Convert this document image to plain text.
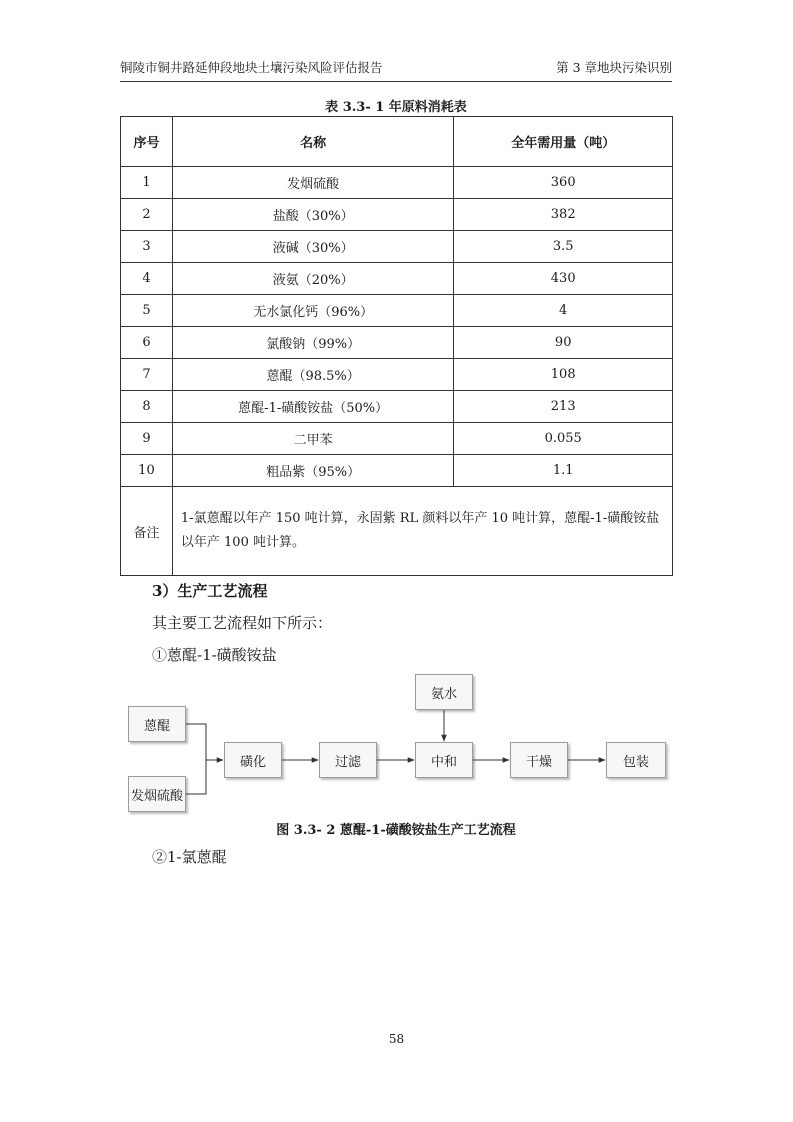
铜陵市铜井路延伸段地块土壤污染风险评估报告	第 3 章地块污染识别
表 3.3- 1 年原料消耗表
序号	名称	全年需用量（吨）
1	发烟硫酸	360
2	盐酸（30%）	382
3	液碱（30%）	3.5
4	液氨（20%）	430
5	无水氯化钙（96%）	4
6	氯酸钠（99%）	90
7	蒽醌（98.5%）	108
8	蒽醌-1-磺酸铵盐（50%）	213
9	二甲苯	0.055
10	粗品紫（95%）	1.1
备注	1-氯蒽醌以年产 150 吨计算，永固紫 RL 颜料以年产 10 吨计算，蒽醌-1-磺酸铵盐以年产 100 吨计算。	
3）生产工艺流程
其主要工艺流程如下所示：
①蒽醌-1-磺酸铵盐
蒽醌
发烟硫酸
磺化	过滤
氨水
中和	干燥	包装
图 3.3- 2 蒽醌-1-磺酸铵盐生产工艺流程
②1-氯蒽醌
58
